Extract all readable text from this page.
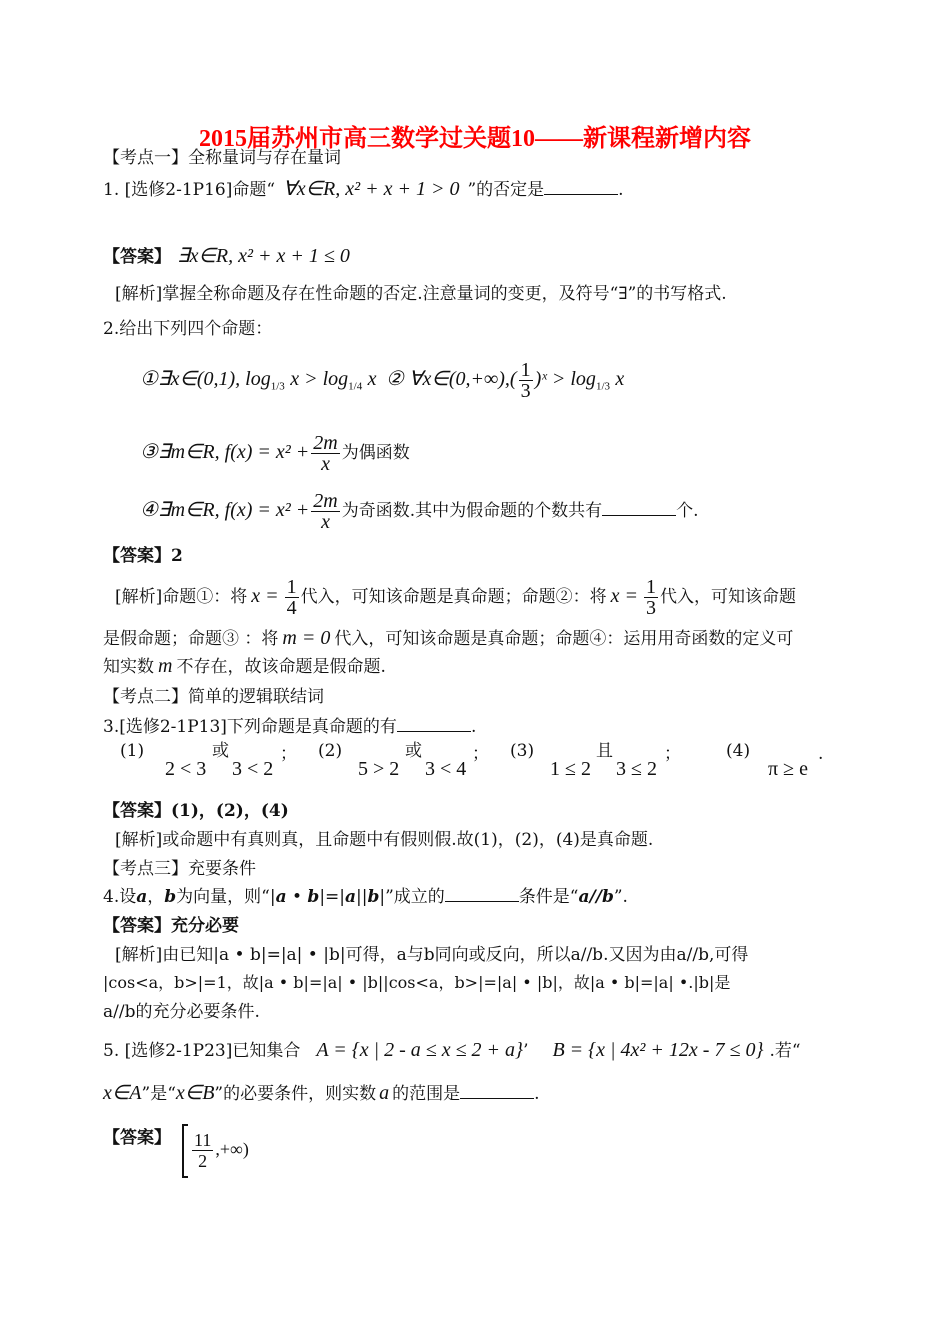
2015届苏州市高三数学过关题10——新课程新增内容
【考点一】全称量词与存在量词
1. [选修2-1P16]命题“ ∀x∈R, x² + x + 1 > 0 ”的否定是	.
【答案】 ∃x∈R, x² + x + 1 ≤ 0
[解析]掌握全称命题及存在性命题的否定.注意量词的变更，及符号“∃”的书写格式.
2.给出下列四个命题：
①∃x∈(0,1), $\log_{1/3} x > \log_{1/4} x$ ② ∀x∈(0,+∞),( $\frac{1}{3}$ )ˣ > $\log_{1/3} x$
③∃m∈R, $f(x) = x^2 + \frac{2m}{x}$ 为偶函数
④∃m∈R, $f(x) = x^2 + \frac{2m}{x}$ 为奇函数.其中为假命题的个数共有	个.
【答案】2
[解析]命题①：将 $x = \frac{1}{4}$ 代入，可知该命题是真命题；命题②：将 $x = \frac{1}{3}$ 代入，可知该命题
是假命题；命题③ ：将 m = 0 代入，可知该命题是真命题；命题④：运用用奇函数的定义可
知实数 m 不存在，故该命题是假命题.
【考点二】简单的逻辑联结词
3.[选修2-1P13]下列命题是真命题的有	.
(1)
2 < 3
或
3 < 2
； (2)
5 > 2
或
3 < 4
； (3)
1 ≤ 2
且
3 ≤ 2
；	(4)
π ≥ e
.
【答案】(1)，(2)，(4)
[解析]或命题中有真则真，且命题中有假则假.故(1)，(2)，(4)是真命题.
【考点三】充要条件
4.设a，b为向量，则“|a • b|=|a||b|”成立的	条件是“a//b”.
【答案】充分必要
[解析]由已知|a • b|=|a| • |b|可得，a与b同向或反向，所以a//b.又因为由a//b,可得
|cos<a，b>|=1，故|a • b|=|a| • |b||cos<a，b>|=|a| • |b|，故|a • b|=|a| •.|b|是
a//b的充分必要条件.
5. [选修2-1P23]已知集合 A = {x | 2 - a ≤ x ≤ 2 + a}’ B = {x | 4x² + 12x - 7 ≤ 0} .若“
x∈A”是“x∈B”的必要条件，则实数 a 的范围是	.
【答案】 $\frac{11}{2}$ ,+∞)
